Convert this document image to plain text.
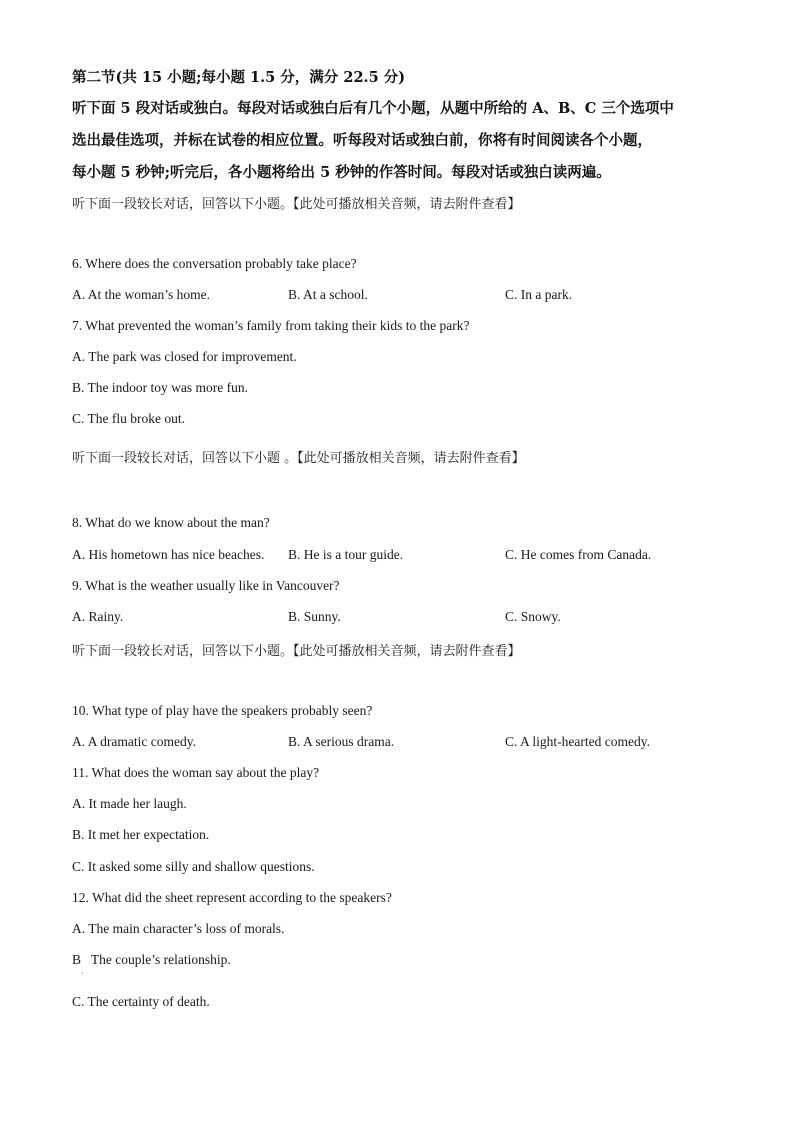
第二节(共 15 小题;每小题 1.5 分，满分 22.5 分)
听下面 5 段对话或独白。每段对话或独白后有几个小题，从题中所给的 A、B、C 三个选项中
选出最佳选项，并标在试卷的相应位置。听每段对话或独白前，你将有时间阅读各个小题，
每小题 5 秒钟;听完后，各小题将给出 5 秒钟的作答时间。每段对话或独白读两遍。
听下面一段较长对话，回答以下小题。【此处可播放相关音频，请去附件查看】
6. Where does the conversation probably take place?
A. At the woman’s home.	B. At a school.	C. In a park.
7. What prevented the woman’s family from taking their kids to the park?
A. The park was closed for improvement.
B. The indoor toy was more fun.
C. The flu broke out.
听下面一段较长对话，回答以下小题 。【此处可播放相关音频，请去附件查看】
8. What do we know about the man?
A. His hometown has nice beaches. B. He is a tour guide.	C. He comes from Canada.
9. What is the weather usually like in Vancouver?
A. Rainy.	B. Sunny.	C. Snowy.
听下面一段较长对话，回答以下小题。【此处可播放相关音频，请去附件查看】
10. What type of play have the speakers probably seen?
A. A dramatic comedy.	B. A serious drama.	C. A light-hearted comedy.
11. What does the woman say about the play?
A. It made her laugh.
B. It met her expectation.
C. It asked some silly and shallow questions.
12. What did the sheet represent according to the speakers?
A. The main character’s loss of morals.
B   The couple’s relationship.
·
C. The certainty of death.
